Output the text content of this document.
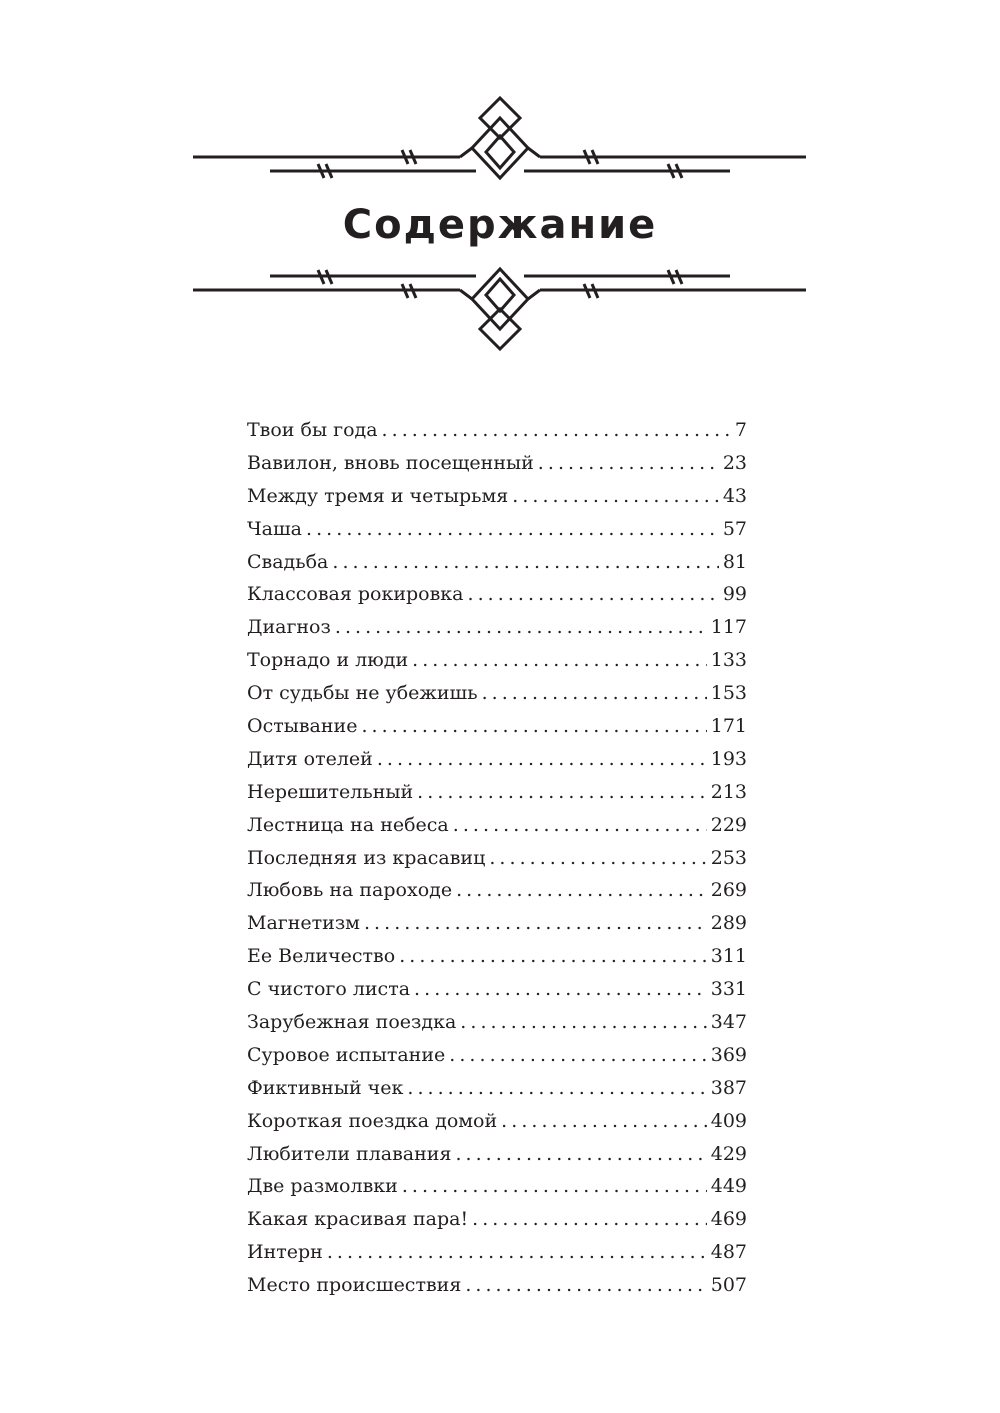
Содержание
Твои бы года . . .	7
Вавилон, вновь посещенный . . .	23
Между тремя и четырьмя . . .	43
Чаша . . .	57
Свадьба . . .	81
Классовая рокировка . . .	99
Диагноз . . .	117
Торнадо и люди . . .	133
От судьбы не убежишь . . .	153
Остывание . . .	171
Дитя отелей . . .	193
Нерешительный . . .	213
Лестница на небеса . . .	229
Последняя из красавиц . . .	253
Любовь на пароходе . . .	269
Магнетизм . . .	289
Ее Величество . . .	311
С чистого листа . . .	331
Зарубежная поездка . . .	347
Суровое испытание . . .	369
Фиктивный чек . . .	387
Короткая поездка домой . . .	409
Любители плавания . . .	429
Две размолвки . . .	449
Какая красивая пара! . . .	469
Интерн . . .	487
Место происшествия . . .	507
